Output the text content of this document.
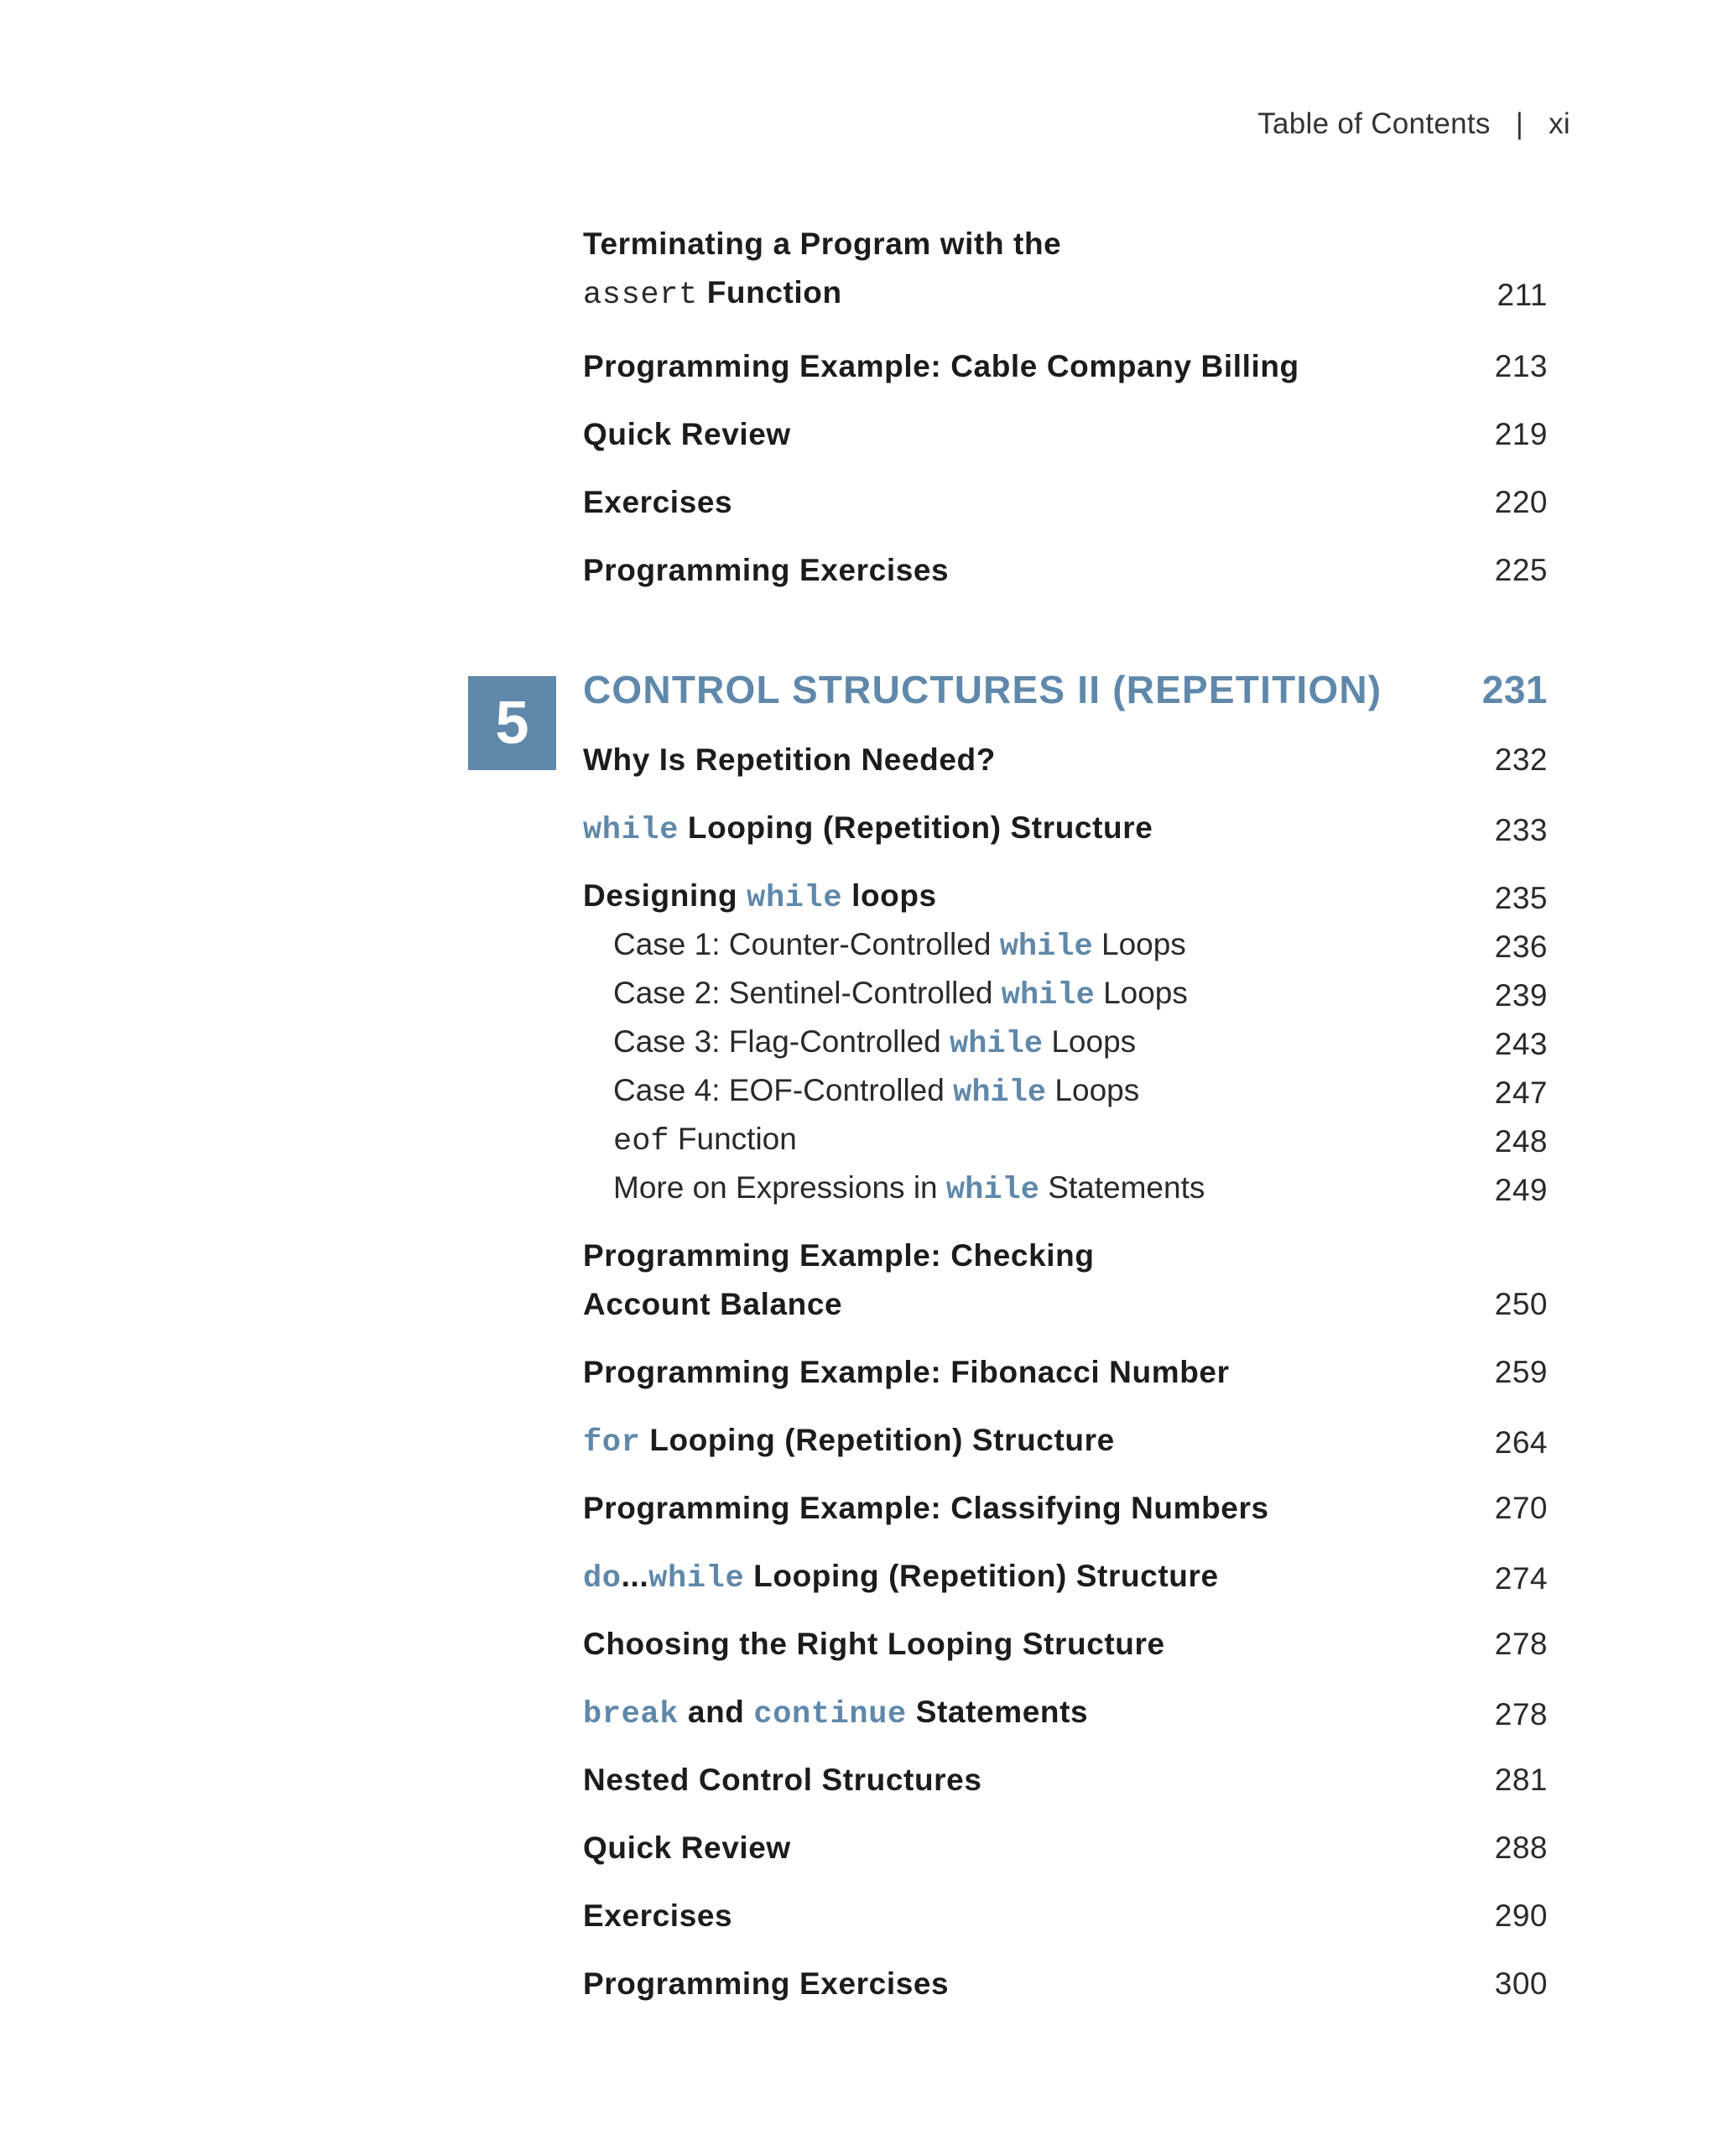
Table of Contents | xi
5
Terminating a Program with the
assert Function	211
Programming Example: Cable Company Billing	213
Quick Review	219
Exercises	220
Programming Exercises	225
CONTROL STRUCTURES II (REPETITION)	231
Why Is Repetition Needed?	232
while Looping (Repetition) Structure	233
Designing while loops	235
Case 1: Counter-Controlled while Loops	236
Case 2: Sentinel-Controlled while Loops	239
Case 3: Flag-Controlled while Loops	243
Case 4: EOF-Controlled while Loops	247
eof Function	248
More on Expressions in while Statements	249
Programming Example: Checking
Account Balance	250
Programming Example: Fibonacci Number	259
for Looping (Repetition) Structure	264
Programming Example: Classifying Numbers	270
do...while Looping (Repetition) Structure	274
Choosing the Right Looping Structure	278
break and continue Statements	278
Nested Control Structures	281
Quick Review	288
Exercises	290
Programming Exercises	300
